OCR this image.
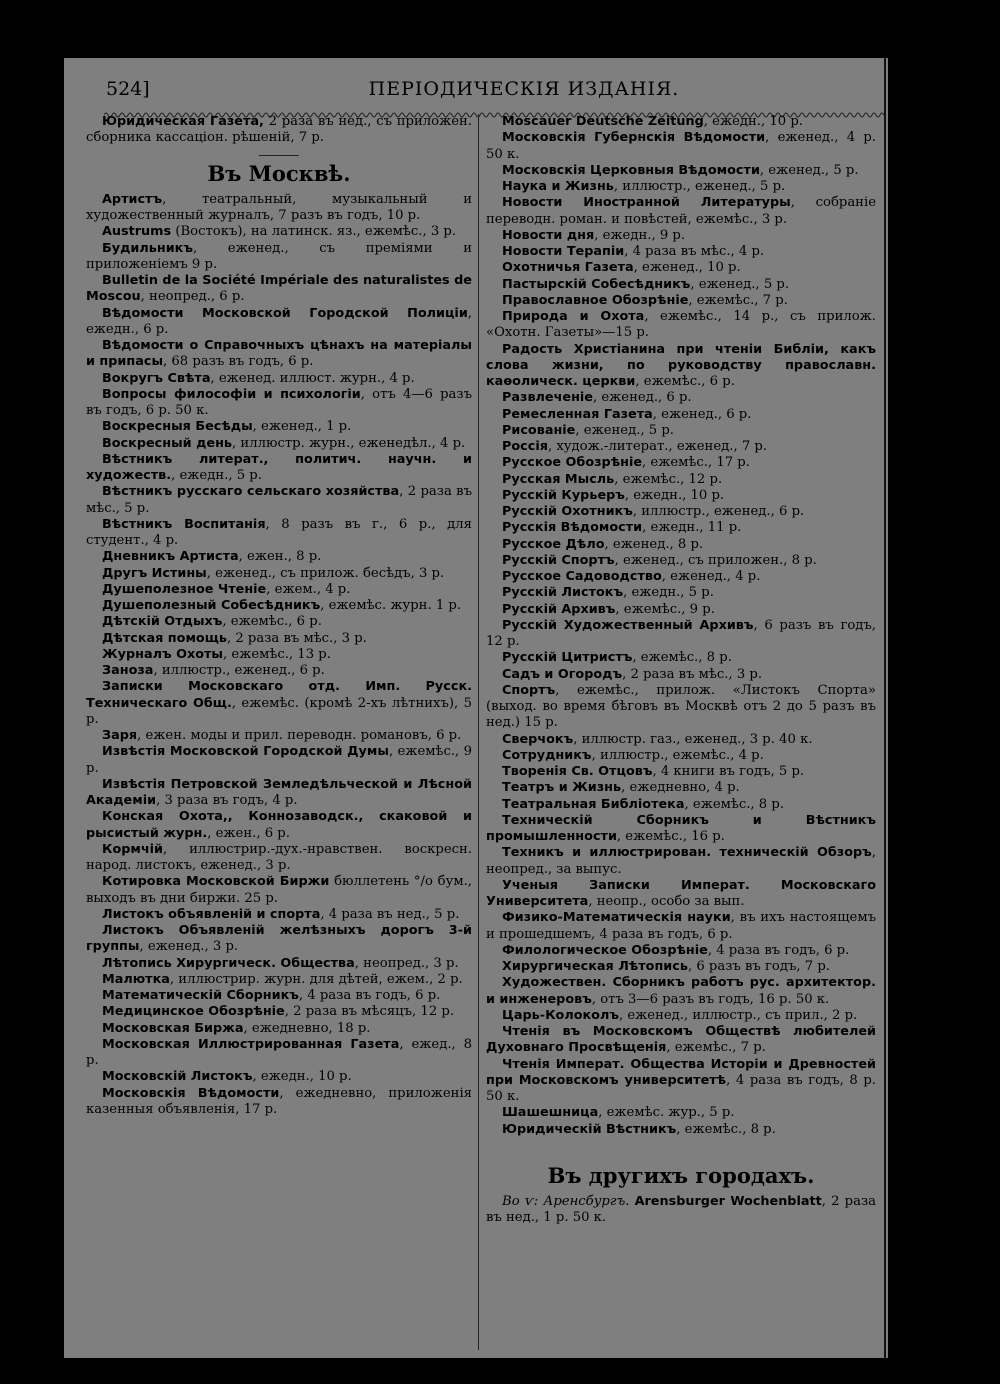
524]	ПЕРІОДИЧЕСКІЯ ИЗДАНІЯ.

Юридическая Газета, 2 раза въ нед., съ приложен. сборника кассаціон. рѣшеній, 7 р.

Въ Москвѣ.

Артистъ, театральный, музыкальный и художественный журналъ, 7 разъ въ годъ, 10 р.

Austrums (Востокъ), на латинск. яз., ежемѣс., 3 р.

Будильникъ, еженед., съ преміями и приложеніемъ 9 р.

Bulletin de la Société Impériale des naturalistes de Moscou, неопред., 6 р.

Вѣдомости Московской Городской Полиціи, ежедн., 6 р.

Вѣдомости о Справочныхъ цѣнахъ на матеріалы и припасы, 68 разъ въ годъ, 6 р.

Вокругъ Свѣта, еженед. иллюст. журн., 4 р.

Вопросы философіи и психологіи, отъ 4—6 разъ въ годъ, 6 р. 50 к.

Воскресныя Бесѣды, еженед., 1 р.

Воскресный день, иллюстр. журн., еженедѣл., 4 р.

Вѣстникъ литерат., политич. научн. и художеств., ежедн., 5 р.

Вѣстникъ русскаго сельскаго хозяйства, 2 раза въ мѣс., 5 р.

Вѣстникъ Воспитанія, 8 разъ въ г., 6 р., для студент., 4 р.

Дневникъ Артиста, ежен., 8 р.

Другъ Истины, еженед., съ прилож. бесѣдъ, 3 р.

Душеполезное Чтеніе, ежем., 4 р.

Душеполезный Собесѣдникъ, ежемѣс. журн. 1 р.

Дѣтскій Отдыхъ, ежемѣс., 6 р.

Дѣтская помощь, 2 раза въ мѣс., 3 р.

Журналъ Охоты, ежемѣс., 13 р.

Заноза, иллюстр., еженед., 6 р.

Записки Московскаго отд. Имп. Русск. Техническаго Общ., ежемѣс. (кромѣ 2-хъ лѣтнихъ), 5 р.

Заря, ежен. моды и прил. переводн. романовъ, 6 р.

Извѣстія Московской Городской Думы, ежемѣс., 9 р.

Извѣстія Петровской Земледѣльческой и Лѣсной Академіи, 3 раза въ годъ, 4 р.

Конская Охота,, Коннозаводск., скаковой и рысистый журн., ежен., 6 р.

Кормчій, иллюстрир.-дух.-нравствен. воскресн. народ. листокъ, еженед., 3 р.

Котировка Московской Биржи бюллетень °/о бум., выходъ въ дни биржи. 25 р.

Листокъ объявленій и спорта, 4 раза въ нед., 5 р.

Листокъ Объявленій желѣзныхъ дорогъ 3-й группы, еженед., 3 р.

Лѣтопись Хирургическ. Общества, неопред., 3 р.

Малютка, иллюстрир. журн. для дѣтей, ежем., 2 р.

Математическій Сборникъ, 4 раза въ годъ, 6 р.

Медицинское Обозрѣніе, 2 раза въ мѣсяцъ, 12 р.

Московская Биржа, ежедневно, 18 р.

Московская Иллюстрированная Газета, ежед., 8 р.

Московскій Листокъ, ежедн., 10 р.

Московскія Вѣдомости, ежедневно, приложенія казенныя объявленія, 17 р.

Moscauer Deutsche Zeitung, ежедн., 10 р.

Московскія Губернскія Вѣдомости, еженед., 4 р. 50 к.

Московскія Церковныя Вѣдомости, еженед., 5 р.

Наука и Жизнь, иллюстр., еженед., 5 р.

Новости Иностранной Литературы, собраніе переводн. роман. и повѣстей, ежемѣс., 3 р.

Новости дня, ежедн., 9 р.

Новости Терапіи, 4 раза въ мѣс., 4 р.

Охотничья Газета, еженед., 10 р.

Пастырскій Собесѣдникъ, еженед., 5 р.

Православное Обозрѣніе, ежемѣс., 7 р.

Природа и Охота, ежемѣс., 14 р., съ прилож. «Охотн. Газеты»—15 р.

Радость Христіанина при чтеніи Библіи, какъ слова жизни, по руководству православн. каѳолическ. церкви, ежемѣс., 6 р.

Развлеченіе, еженед., 6 р.

Ремесленная Газета, еженед., 6 р.

Рисованіе, еженед., 5 р.

Россія, худож.-литерат., еженед., 7 р.

Русское Обозрѣніе, ежемѣс., 17 р.

Русская Мысль, ежемѣс., 12 р.

Русскій Курьеръ, ежедн., 10 р.

Русскій Охотникъ, иллюстр., еженед., 6 р.

Русскія Вѣдомости, ежедн., 11 р.

Русское Дѣло, еженед., 8 р.

Русскій Спортъ, еженед., съ приложен., 8 р.

Русское Садоводство, еженед., 4 р.

Русскій Листокъ, ежедн., 5 р.

Русскій Архивъ, ежемѣс., 9 р.

Русскій Художественный Архивъ, 6 разъ въ годъ, 12 р.

Русскій Цитристъ, ежемѣс., 8 р.

Садъ и Огородъ, 2 раза въ мѣс., 3 р.

Спортъ, ежемѣс., прилож. «Листокъ Спорта» (выход. во время бѣговъ въ Москвѣ отъ 2 до 5 разъ въ нед.) 15 р.

Сверчокъ, иллюстр. газ., еженед., 3 р. 40 к.

Сотрудникъ, иллюстр., ежемѣс., 4 р.

Творенія Св. Отцовъ, 4 книги въ годъ, 5 р.

Театръ и Жизнь, ежедневно, 4 р.

Театральная Библіотека, ежемѣс., 8 р.

Техническій Сборникъ и Вѣстникъ промышленности, ежемѣс., 16 р.

Техникъ и иллюстрирован. техническій Обзоръ, неопред., за выпус.

Ученыя Записки Императ. Московскаго Университета, неопр., особо за вып.

Физико-Математическія науки, въ ихъ настоящемъ и прошедшемъ, 4 раза въ годъ, 6 р.

Филологическое Обозрѣніе, 4 раза въ годъ, 6 р.

Хирургическая Лѣтопись, 6 разъ въ годъ, 7 р.

Художествен. Сборникъ работъ рус. архитектор. и инженеровъ, отъ 3—6 разъ въ годъ, 16 р. 50 к.

Царь-Колоколъ, еженед., иллюстр., съ прил., 2 р.

Чтенія въ Московскомъ Обществѣ любителей Духовнаго Просвѣщенія, ежемѣс., 7 р.

Чтенія Императ. Общества Исторіи и Древностей при Московскомъ университетѣ, 4 раза въ годъ, 8 р. 50 к.

Шашешница, ежемѣс. жур., 5 р.

Юридическій Вѣстникъ, ежемѣс., 8 р.

Въ другихъ городахъ.

Во ѵ: Аренсбургъ. Arensburger Wochenblatt, 2 раза въ нед., 1 р. 50 к.
